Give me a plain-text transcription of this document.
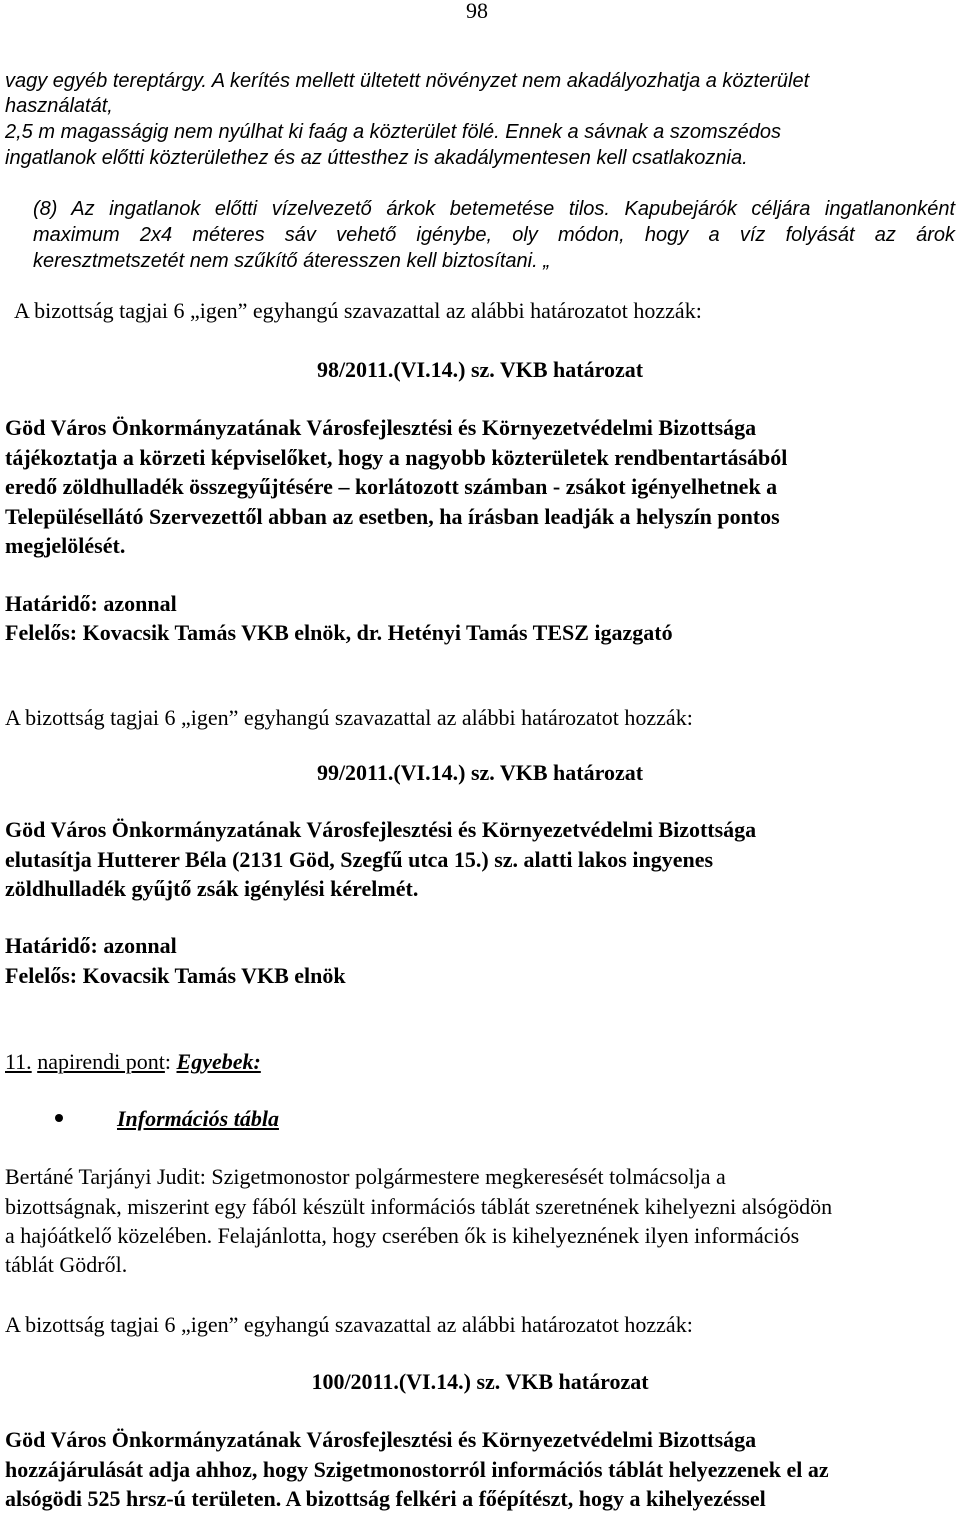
98
vagy egyéb tereptárgy. A kerítés mellett ültetett növényzet nem akadályozhatja a közterület
használatát,
2,5 m magasságig nem nyúlhat ki faág a közterület fölé. Ennek a sávnak a szomszédos
ingatlanok előtti közterülethez és az úttesthez is akadálymentesen kell csatlakoznia.
(8) Az ingatlanok előtti vízelvezető árkok betemetése tilos. Kapubejárók céljára ingatlanonként
maximum 2x4 méteres sáv vehető igénybe, oly módon, hogy a víz folyását az árok
keresztmetszetét nem szűkítő áteresszen kell biztosítani. „
A bizottság tagjai 6 „igen” egyhangú szavazattal az alábbi határozatot hozzák:
98/2011.(VI.14.) sz. VKB határozat
Göd Város Önkormányzatának Városfejlesztési és Környezetvédelmi Bizottsága
tájékoztatja a körzeti képviselőket, hogy a nagyobb közterületek rendbentartásából
eredő zöldhulladék összegyűjtésére – korlátozott számban - zsákot igényelhetnek a
Településellátó Szervezettől abban az esetben, ha írásban leadják a helyszín pontos
megjelölését.
Határidő: azonnal
Felelős: Kovacsik Tamás VKB elnök, dr. Hetényi Tamás TESZ igazgató
A bizottság tagjai 6 „igen” egyhangú szavazattal az alábbi határozatot hozzák:
99/2011.(VI.14.) sz. VKB határozat
Göd Város Önkormányzatának Városfejlesztési és Környezetvédelmi Bizottsága
elutasítja Hutterer Béla (2131 Göd, Szegfű utca 15.) sz. alatti lakos ingyenes
zöldhulladék gyűjtő zsák igénylési kérelmét.
Határidő: azonnal
Felelős: Kovacsik Tamás VKB elnök
11. napirendi pont: Egyebek:
Információs tábla
Bertáné Tarjányi Judit: Szigetmonostor polgármestere megkeresését tolmácsolja a
bizottságnak, miszerint egy fából készült információs táblát szeretnének kihelyezni alsógödön
a hajóátkelő közelében. Felajánlotta, hogy cserében ők is kihelyeznének ilyen információs
táblát Gödről.
A bizottság tagjai 6 „igen” egyhangú szavazattal az alábbi határozatot hozzák:
100/2011.(VI.14.) sz. VKB határozat
Göd Város Önkormányzatának Városfejlesztési és Környezetvédelmi Bizottsága
hozzájárulását adja ahhoz, hogy Szigetmonostorról információs táblát helyezzenek el az
alsógödi 525 hrsz-ú területen. A bizottság felkéri a főépítészt, hogy a kihelyezéssel
